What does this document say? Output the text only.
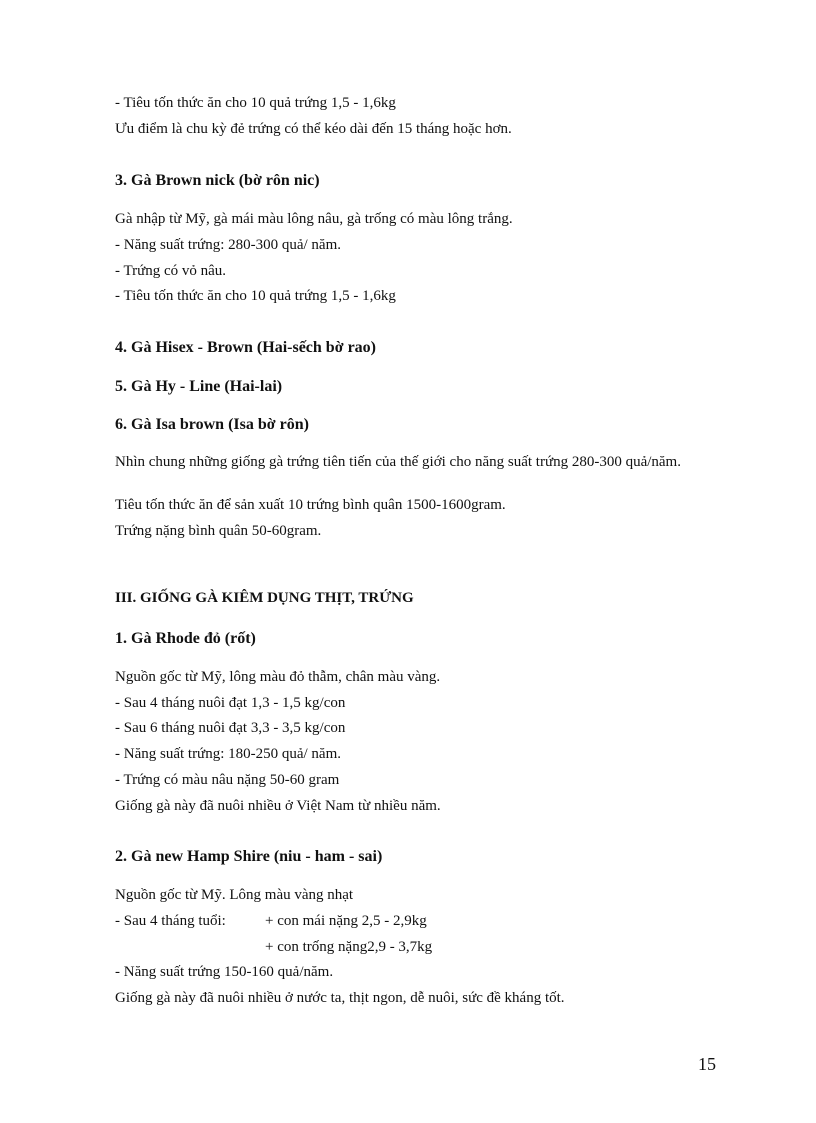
- Tiêu tốn thức ăn cho 10 quả trứng 1,5 - 1,6kg
Ưu điểm là chu kỳ đẻ trứng có thể kéo dài đến 15 tháng hoặc hơn.
3. Gà Brown nick (bờ rôn nic)
Gà nhập từ Mỹ, gà mái màu lông nâu, gà trống có màu lông trắng.
- Năng suất trứng: 280-300 quả/ năm.
- Trứng có vỏ nâu.
- Tiêu tốn thức ăn cho 10 quả trứng 1,5 - 1,6kg
4. Gà Hisex - Brown (Hai-sếch bờ rao)
5. Gà Hy - Line (Hai-lai)
6. Gà Isa brown (Isa bờ rôn)
Nhìn chung những giống gà trứng tiên tiến của thế giới cho năng suất trứng 280-300 quả/năm.
Tiêu tốn thức ăn để sản xuất 10 trứng bình quân 1500-1600gram.
Trứng nặng bình quân 50-60gram.
III. GIỐNG GÀ KIÊM DỤNG THỊT, TRỨNG
1. Gà Rhode đỏ (rốt)
Nguồn gốc từ Mỹ, lông màu đỏ thẫm, chân màu vàng.
- Sau 4 tháng nuôi đạt 1,3 - 1,5 kg/con
- Sau 6 tháng nuôi đạt 3,3 - 3,5 kg/con
- Năng suất trứng: 180-250 quả/ năm.
- Trứng có màu nâu nặng 50-60 gram
Giống gà này đã nuôi nhiều ở Việt Nam từ nhiều năm.
2. Gà new Hamp Shire (niu - ham - sai)
Nguồn gốc từ Mỹ. Lông màu vàng nhạt
- Sau 4 tháng tuổi:	+ con mái nặng 2,5 - 2,9kg
+ con trống nặng2,9 - 3,7kg
- Năng suất trứng 150-160 quả/năm.
Giống gà này đã nuôi nhiều ở nước ta, thịt ngon, dễ nuôi, sức đề kháng tốt.
15
